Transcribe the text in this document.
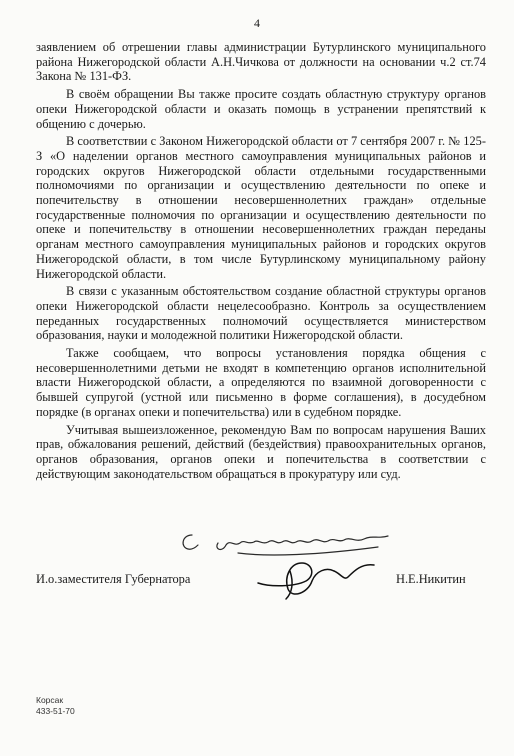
4

заявлением об отрешении главы администрации Бутурлинского муниципального района Нижегородской области А.Н.Чичкова от должности на основании ч.2 ст.74 Закона № 131-ФЗ.

В своём обращении Вы также просите создать областную структуру органов опеки Нижегородской области и оказать помощь в устранении препятствий к общению с дочерью.

В соответствии с Законом Нижегородской области от 7 сентября 2007 г. № 125-З «О наделении органов местного самоуправления муниципальных районов и городских округов Нижегородской области отдельными государственными полномочиями по организации и осуществлению деятельности по опеке и попечительству в отношении несовершеннолетних граждан» отдельные государственные полномочия по организации и осуществлению деятельности по опеке и попечительству в отношении несовершеннолетних граждан переданы органам местного самоуправления муниципальных районов и городских округов Нижегородской области, в том числе Бутурлинскому муниципальному району Нижегородской области.

В связи с указанным обстоятельством создание областной структуры органов опеки Нижегородской области нецелесообразно. Контроль за осуществлением переданных государственных полномочий осуществляется министерством образования, науки и молодежной политики Нижегородской области.

Также сообщаем, что вопросы установления порядка общения с несовершеннолетними детьми не входят в компетенцию органов исполнительной власти Нижегородской области, а определяются по взаимной договоренности с бывшей супругой (устной или письменно в форме соглашения), в досудебном порядке (в органах опеки и попечительства) или в судебном порядке.

Учитывая вышеизложенное, рекомендую Вам по вопросам нарушения Ваших прав, обжалования решений, действий (бездействия) правоохранительных органов, органов образования, органов опеки и попечительства в соответствии с действующим законодательством обращаться в прокуратуру или суд.

И.о.заместителя Губернатора	Н.Е.Никитин
Корсак
433-51-70
